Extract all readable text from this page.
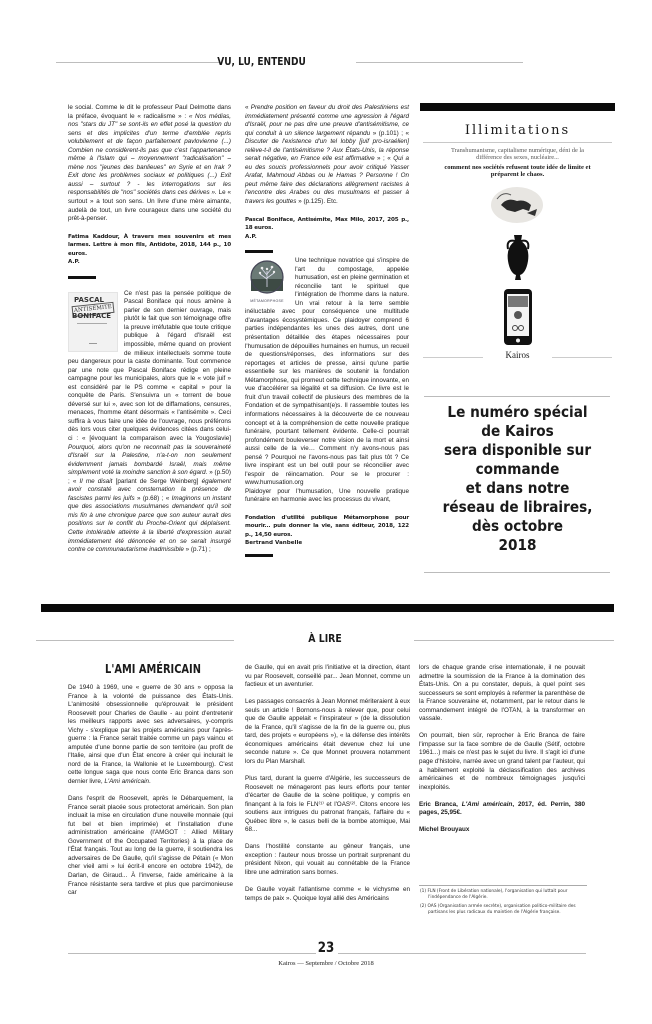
VU, LU, ENTENDU

le social. Comme le dit le professeur Paul Delmotte dans la préface, évoquant le « radicalisme » : « Nos médias, nos "stars du JT" se sont-ils en effet posé la question du sens et des implicites d'un terme d'emblée repris volubilement et de façon parfaitement pavlovienne (...) Combien ne considèrent-ils pas que c'est l'appartenance même à l'Islam qui – moyennement "radicalisation" – mène nos "jeunes des banlieues" en Syrie et en Irak ? Exit donc les problèmes sociaux et politiques (...) Exit aussi – surtout ? - les interrogations sur les responsabilités de "nos" sociétés dans ces dérives ». Le « surtout » a tout son sens. Un livre d'une mère aimante, audelà de tout, un livre courageux dans une société du prêt-à-penser.

Fatima Kaddour, À travers mes souvenirs et mes larmes. Lettre à mon fils, Antidote, 2018, 144 p., 10 euros.

A.P.

PASCAL
ANTISÉMITE
BONIFACE
Ce n'est pas la pensée politique de Pascal Boniface qui nous amène à parler de son dernier ouvrage, mais plutôt le fait que son témoignage offre la preuve irréfutable que toute critique publique à l'égard d'Israël est impossible, même quand on provient de milieux intellectuels somme toute peu dangereux pour la caste dominante. Tout commence par une note que Pascal Boniface rédige en pleine campagne pour les municipales, alors que le « vote juif » est considéré par le PS comme « capital » pour la conquête de Paris. S'ensuivra un « torrent de boue déversé sur lui », avec son lot de diffamations, censures, menaces, l'homme étant désormais « l'antisémite ». Ceci suffira à vous faire une idée de l'ouvrage, nous préférons dès lors vous citer quelques évidences citées dans celui-ci : « [évoquant la comparaison avec la Yougoslavie] Pourquoi, alors qu'on ne reconnaît pas la souveraineté d'Israël sur la Palestine, n'a-t-on non seulement évidemment jamais bombardé Israël, mais même simplement voté la moindre sanction à son égard. » (p.50) ; « Il me disait [parlant de Serge Weinberg] également avoir constaté avec consternation la présence de fascistes parmi les juifs » (p.68) ; « Imaginons un instant que des associations musulmanes demandent qu'il soit mis fin à une chronique parce que son auteur aurait des positions sur le conflit du Proche-Orient qui déplaisent. Cette intolérable atteinte à la liberté d'expression aurait immédiatement été dénoncée et on se serait insurgé contre ce communautarisme inadmissible » (p.71) ;

« Prendre position en faveur du droit des Palestiniens est immédiatement présenté comme une agression à l'égard d'Israël, pour ne pas dire une preuve d'antisémitisme, ce qui conduit à un silence largement répandu » (p.101) ; « Discuter de l'existence d'un tel lobby [juif pro-israélien] relève-t-il de l'antisémitisme ? Aux États-Unis, la réponse serait négative, en France elle est affirmative » ; « Qui a eu des soucis professionnels pour avoir critiqué Yasser Arafat, Mahmoud Abbas ou le Hamas ? Personne ! On peut même faire des déclarations allègrement racistes à l'encontre des Arabes ou des musulmans et passer à travers les gouttes » (p.125). Etc.

Pascal Boniface, Antisémite, Max Milo, 2017, 205 p., 18 euros.

A.P.

MÉTAMORPHOSE
Une technique novatrice qui s'inspire de l'art du compostage, appelée humusation, est en pleine germination et réconcilie tant le spirituel que l'intégration de l'homme dans la nature. Un vrai retour à la terre semble inéluctable avec pour conséquence une multitude d'avantages écosystémiques. Ce plaidoyer comprend 6 parties indépendantes les unes des autres, dont une présentation détaillée des étapes nécessaires pour l'humusation de dépouilles humaines en humus, un recueil de questions/réponses, des informations sur des reportages et articles de presse, ainsi qu'une partie essentielle sur les manières de soutenir la fondation Métamorphose, qui promeut cette technique innovante, en vue d'accélérer sa légalité et sa diffusion. Ce livre est le fruit d'un travail collectif de plusieurs des membres de la Fondation et de sympathisant(e)s. Il rassemble toutes les informations nécessaires à la découverte de ce nouveau concept et à la compréhension de cette nouvelle pratique funéraire, pourtant tellement évidente. Celle-ci pourrait profondément bouleverser notre vision de la mort et ainsi aussi celle de la vie… Comment n'y avons-nous pas pensé ? Pourquoi ne l'avons-nous pas fait plus tôt ? Ce livre inspirant est un bel outil pour se réconcilier avec l'espoir de réincarnation. Pour se le procurer : www.humusation.org
Plaidoyer pour l'humusation, Une nouvelle pratique funéraire en harmonie avec les processus du vivant,

Fondation d'utilité publique Métamorphose pour mourir... puis donner la vie, sans éditeur, 2018, 122 p., 14,50 euros.

Bertrand Vanbelle

Illimitations
Transhumanisme, capitalisme numérique, déni de la différence des sexes, nucléaire...
comment nos sociétés refusent toute idée de limite et préparent le chaos.
Kairos
Le numéro spécial
de Kairos
sera disponible sur
commande
et dans notre
réseau de libraires,
dès octobre
2018
À LIRE
L'AMI AMÉRICAIN

De 1940 à 1969, une « guerre de 30 ans » opposa la France à la volonté de puissance des États-Unis. L'animosité obsessionnelle qu'éprouvait le président Roosevelt pour Charles de Gaulle - au point d'entretenir les meilleurs rapports avec ses adversaires, y-compris Vichy - s'explique par les projets américains pour l'après-guerre : la France serait traitée comme un pays vaincu et amputée d'une bonne partie de son territoire (au profit de l'Italie, ainsi que d'un État encore à créer qui inclurait le nord de la France, la Wallonie et le Luxembourg). C'est cette longue saga que nous conte Eric Branca dans son dernier livre, L'Ami américain.

Dans l'esprit de Roosevelt, après le Débarquement, la France serait placée sous protectorat américain. Son plan incluait la mise en circulation d'une nouvelle monnaie (qui fut bel et bien imprimée) et l'installation d'une administration américaine (l'AMGOT : Allied Military Government of the Occupated Territories) à la place de l'État français. Tout au long de la guerre, il soutiendra les adversaires de De Gaulle, qu'il s'agisse de Pétain (« Mon cher vieil ami » lui écrit-il encore en octobre 1942), de Darlan, de Giraud... À l'inverse, l'aide américaine à la France résistante sera tardive et plus que parcimonieuse car

de Gaulle, qui en avait pris l'initiative et la direction, étant vu par Roosevelt, conseillé par... Jean Monnet, comme un factieux et un aventurier.

Les passages consacrés à Jean Monnet mériteraient à eux seuls un article ! Bornons-nous à relever que, pour celui que de Gaulle appelait « l'inspirateur » (de la dissolution de la France, qu'il s'agisse de la fin de la guerre ou, plus tard, des projets « européens »), « la défense des intérêts économiques américains était devenue chez lui une seconde nature ». Ce que Monnet prouvera notamment lors du Plan Marshall.

Plus tard, durant la guerre d'Algérie, les successeurs de Roosevelt ne ménageront pas leurs efforts pour tenter d'écarter de Gaulle de la scène politique, y compris en finançant à la fois le FLN⁽¹⁾ et l'OAS⁽²⁾. Citons encore les soutiens aux intrigues du patronat français, l'affaire du « Québec libre », le casus belli de la bombe atomique, Mai 68...

Dans l'hostilité constante au gêneur français, une exception : l'auteur nous brosse un portrait surprenant du président Nixon, qui vouait au connétable de la France libre une admiration sans bornes.

De Gaulle voyait l'atlantisme comme « le vichysme en temps de paix ». Quoique loyal allié des Américains

lors de chaque grande crise internationale, il ne pouvait admettre la soumission de la France à la domination des États-Unis. On a pu constater, depuis, à quel point ses successeurs se sont employés à refermer la parenthèse de la France souveraine et, notamment, par le retour dans le commandement intégré de l'OTAN, à la transformer en vassale.

On pourrait, bien sûr, reprocher à Eric Branca de faire l'impasse sur la face sombre de de Gaulle (Sétif, octobre 1961...) mais ce n'est pas le sujet du livre. Il s'agit ici d'une page d'histoire, narrée avec un grand talent par l'auteur, qui a habilement exploité la déclassification des archives américaines et de nombreux témoignages jusqu'ici inexploités.

Eric Branca, L'Ami américain, 2017, éd. Perrin, 380 pages, 25,95€.

Michel Brouyaux

(1) FLN (Front de Libération nationale), l'organisation qui luttait pour l'indépendance de l'Algérie.
(2) OAS (Organisation armée secrète), organisation politico-militaire des partisans les plus radicaux du maintien de l'Algérie française.
23
Kairos — Septembre / Octobre 2018
